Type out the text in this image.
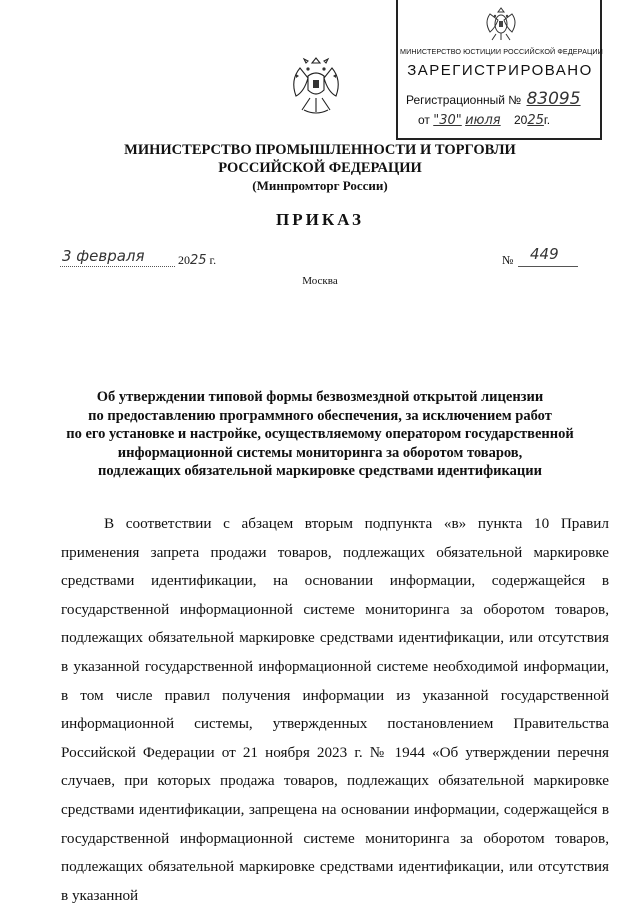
МИНИСТЕРСТВО ЮСТИЦИИ РОССИЙСКОЙ ФЕДЕРАЦИИ
ЗАРЕГИСТРИРОВАНО
Регистрационный № 83095
от "30" июля 2025г.
МИНИСТЕРСТВО ПРОМЫШЛЕННОСТИ И ТОРГОВЛИ
РОССИЙСКОЙ ФЕДЕРАЦИИ
(Минпромторг России)
ПРИКАЗ
3 февраля	2025 г.	№ 449
Москва
Об утверждении типовой формы безвозмездной открытой лицензии
по предоставлению программного обеспечения, за исключением работ
по его установке и настройке, осуществляемому оператором государственной
информационной системы мониторинга за оборотом товаров,
подлежащих обязательной маркировке средствами идентификации

В соответствии с абзацем вторым подпункта «в» пункта 10 Правил применения запрета продажи товаров, подлежащих обязательной маркировке средствами идентификации, на основании информации, содержащейся в государственной информационной системе мониторинга за оборотом товаров, подлежащих обязательной маркировке средствами идентификации, или отсутствия в указанной государственной информационной системе необходимой информации, в том числе правил получения информации из указанной государственной информационной системы, утвержденных постановлением Правительства Российской Федерации от 21 ноября 2023 г. № 1944 «Об утверждении перечня случаев, при которых продажа товаров, подлежащих обязательной маркировке средствами идентификации, запрещена на основании информации, содержащейся в государственной информационной системе мониторинга за оборотом товаров, подлежащих обязательной маркировке средствами идентификации, или отсутствия в указанной
